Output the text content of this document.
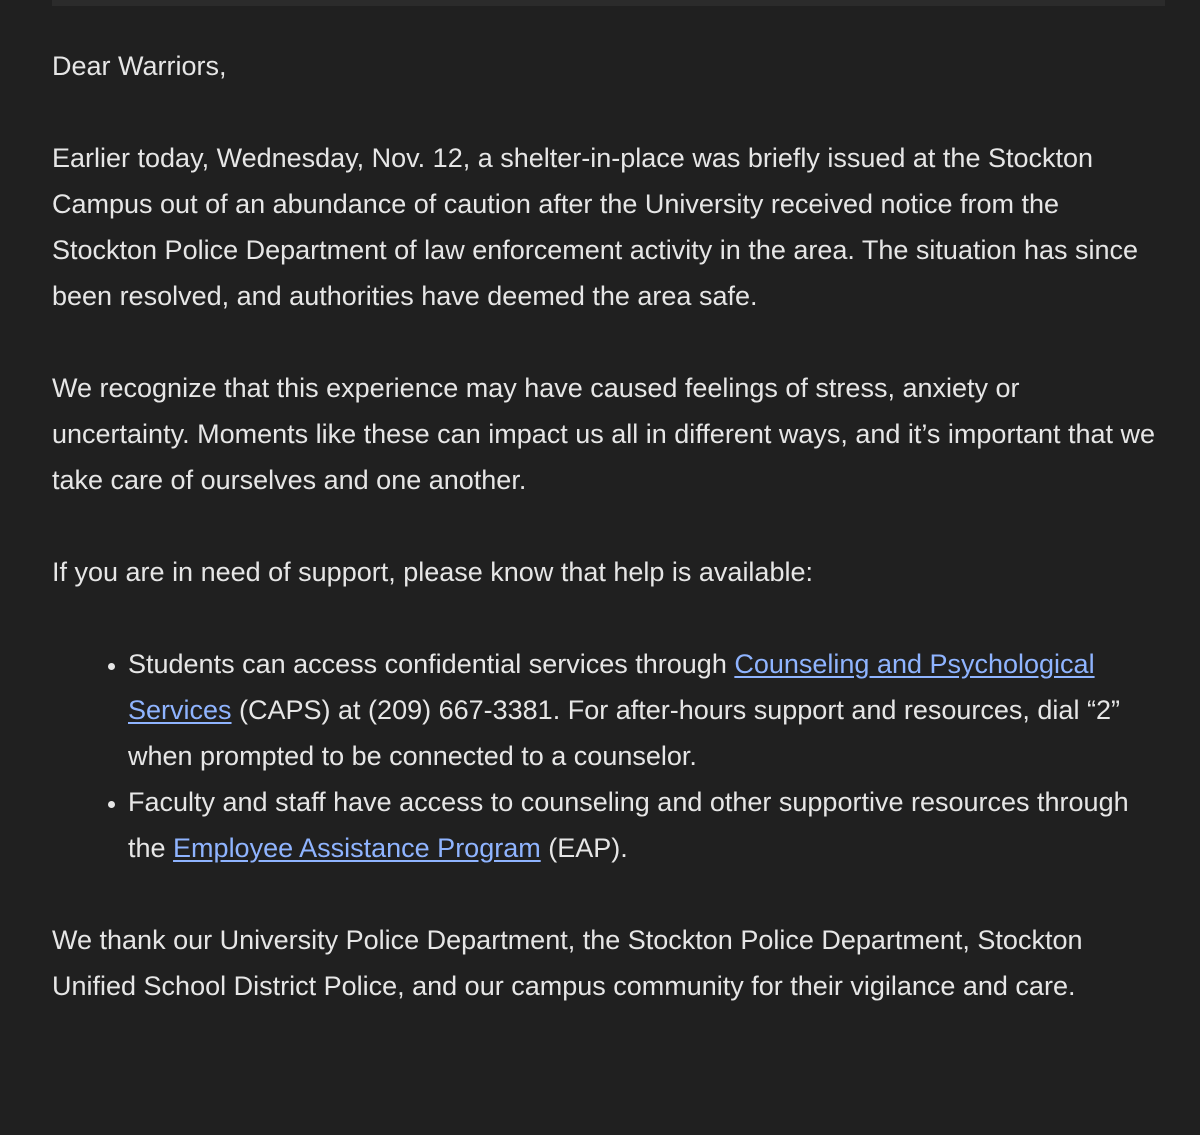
Dear Warriors,

Earlier today, Wednesday, Nov. 12, a shelter-in-place was briefly issued at the Stockton Campus out of an abundance of caution after the University received notice from the Stockton Police Department of law enforcement activity in the area. The situation has since been resolved, and authorities have deemed the area safe.

We recognize that this experience may have caused feelings of stress, anxiety or uncertainty. Moments like these can impact us all in different ways, and it’s important that we take care of ourselves and one another.

If you are in need of support, please know that help is available:

• Students can access confidential services through Counseling and Psychological Services (CAPS) at (209) 667-3381. For after-hours support and resources, dial “2” when prompted to be connected to a counselor.
• Faculty and staff have access to counseling and other supportive resources through the Employee Assistance Program (EAP).

We thank our University Police Department, the Stockton Police Department, Stockton Unified School District Police, and our campus community for their vigilance and care.
